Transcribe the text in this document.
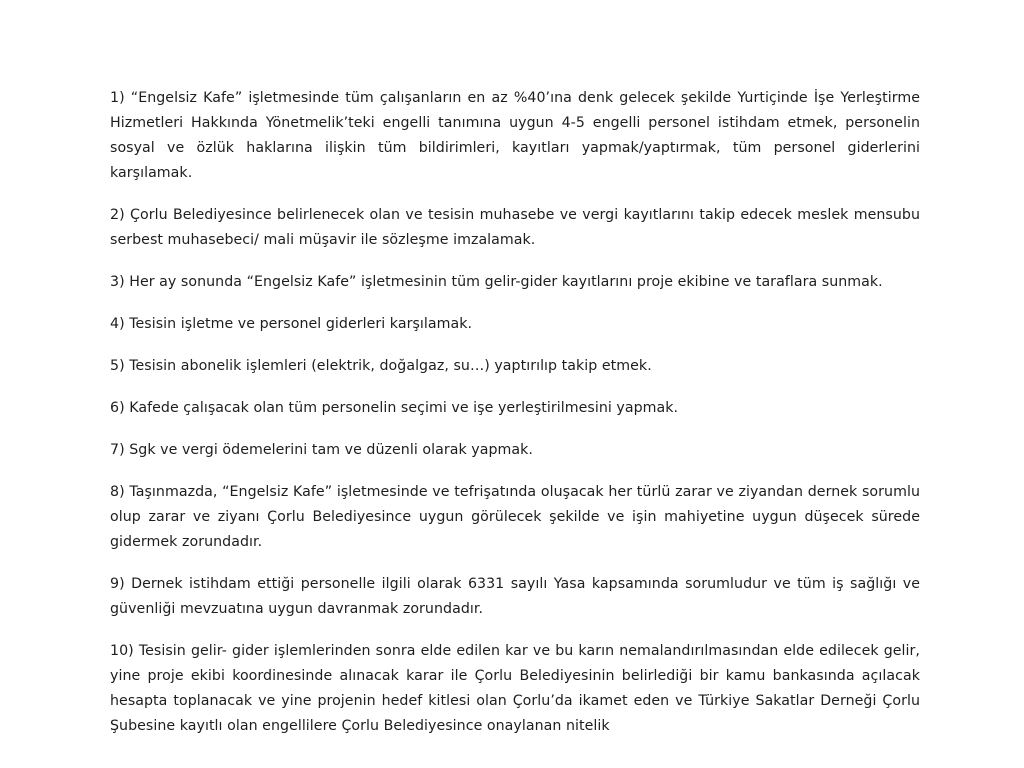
1) “Engelsiz Kafe” işletmesinde tüm çalışanların en az %40’ına denk gelecek şekilde Yurtiçinde İşe Yerleştirme Hizmetleri Hakkında Yönetmelik’teki engelli tanımına uygun 4-5 engelli personel istihdam etmek, personelin sosyal ve özlük haklarına ilişkin tüm bildirimleri, kayıtları yapmak/yaptırmak, tüm personel giderlerini karşılamak.

2) Çorlu Belediyesince belirlenecek olan ve tesisin muhasebe ve vergi kayıtlarını takip edecek meslek mensubu serbest muhasebeci/ mali müşavir ile sözleşme imzalamak.

3) Her ay sonunda “Engelsiz Kafe” işletmesinin tüm gelir-gider kayıtlarını proje ekibine ve taraflara sunmak.

4) Tesisin işletme ve personel giderleri karşılamak.

5) Tesisin abonelik işlemleri (elektrik, doğalgaz, su…) yaptırılıp takip etmek.

6) Kafede çalışacak olan tüm personelin seçimi ve işe yerleştirilmesini yapmak.

7) Sgk ve vergi ödemelerini tam ve düzenli olarak yapmak.

8) Taşınmazda, “Engelsiz Kafe” işletmesinde ve tefrişatında oluşacak her türlü zarar ve ziyandan dernek sorumlu olup zarar ve ziyanı Çorlu Belediyesince uygun görülecek şekilde ve işin mahiyetine uygun düşecek sürede gidermek zorundadır.

9) Dernek istihdam ettiği personelle ilgili olarak 6331 sayılı Yasa kapsamında sorumludur ve tüm iş sağlığı ve güvenliği mevzuatına uygun davranmak zorundadır.

10) Tesisin gelir- gider işlemlerinden sonra elde edilen kar ve bu karın nemalandırılmasından elde edilecek gelir, yine proje ekibi koordinesinde alınacak karar ile Çorlu Belediyesinin belirlediği bir kamu bankasında açılacak hesapta toplanacak ve yine projenin hedef kitlesi olan Çorlu’da ikamet eden ve Türkiye Sakatlar Derneği Çorlu Şubesine kayıtlı olan engellilere Çorlu Belediyesince onaylanan nitelik
